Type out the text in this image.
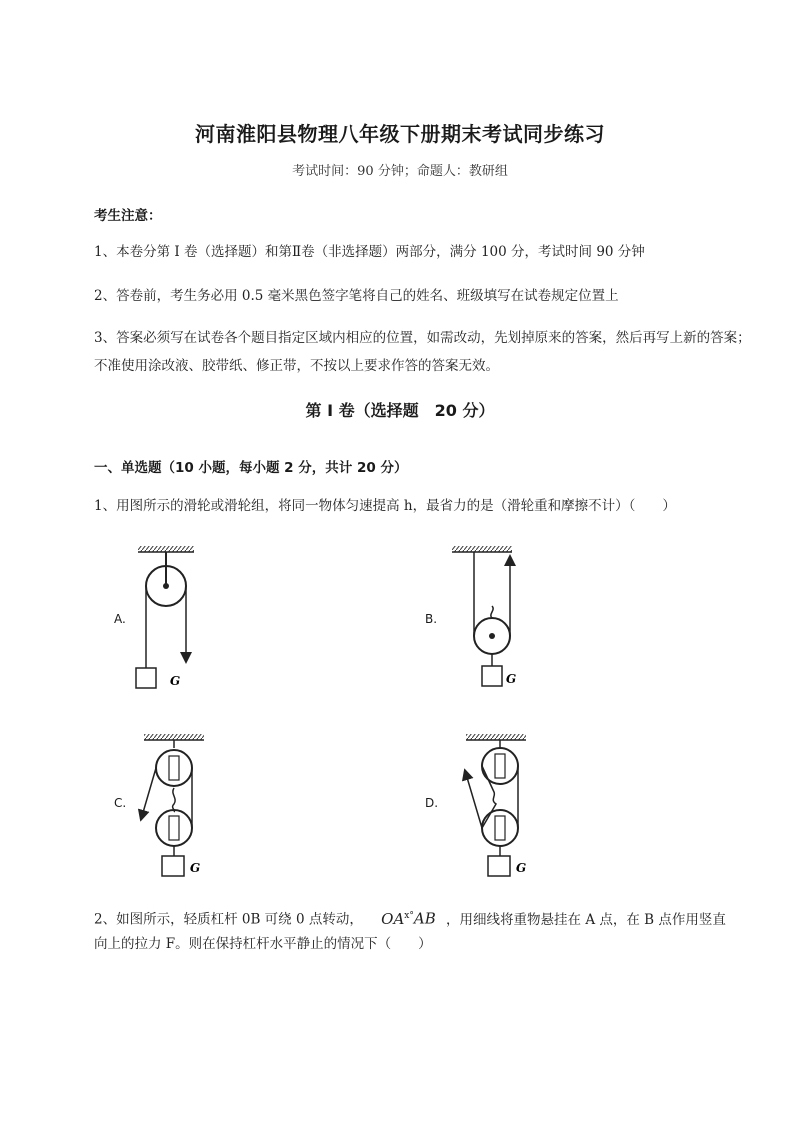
河南淮阳县物理八年级下册期末考试同步练习
考试时间：90 分钟；命题人：教研组
考生注意：
1、本卷分第 I 卷（选择题）和第Ⅱ卷（非选择题）两部分，满分 100 分，考试时间 90 分钟
2、答卷前，考生务必用 0.5 毫米黑色签字笔将自己的姓名、班级填写在试卷规定位置上
3、答案必须写在试卷各个题目指定区域内相应的位置，如需改动，先划掉原来的答案，然后再写上新的答案；不准使用涂改液、胶带纸、修正带，不按以上要求作答的答案无效。
第 I 卷（选择题　20 分）
一、单选题（10 小题，每小题 2 分，共计 20 分）
1、用图所示的滑轮或滑轮组，将同一物体匀速提高 h，最省力的是（滑轮重和摩擦不计）（　　）
A.	B.
C.	D.
G	G
G	G
2、如图所示，轻质杠杆 0B 可绕 0 点转动， $OA^{x^\circ}AB$ ，用细线将重物悬挂在 A 点，在 B 点作用竖直
向上的拉力 F。则在保持杠杆水平静止的情况下（　　）
